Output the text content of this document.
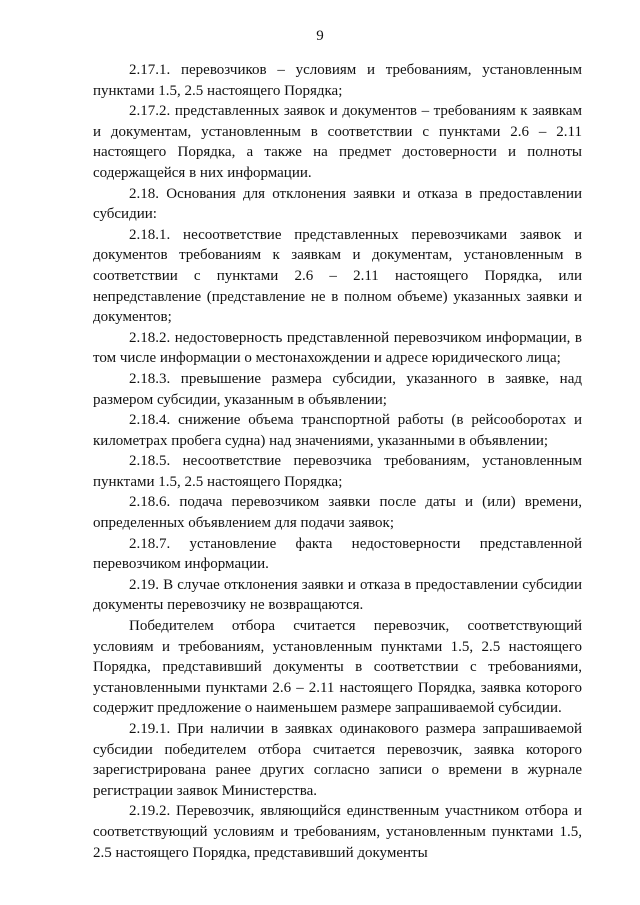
9

2.17.1. перевозчиков – условиям и требованиям, установленным пунктами 1.5, 2.5 настоящего Порядка;

2.17.2. представленных заявок и документов – требованиям к заявкам и документам, установленным в соответствии с пунктами 2.6 – 2.11 настоящего Порядка, а также на предмет достоверности и полноты содержащейся в них информации.

2.18. Основания для отклонения заявки и отказа в предоставлении субсидии:

2.18.1. несоответствие представленных перевозчиками заявок и документов требованиям к заявкам и документам, установленным в соответствии с пунктами 2.6 – 2.11 настоящего Порядка, или непредставление (представление не в полном объеме) указанных заявки и документов;

2.18.2. недостоверность представленной перевозчиком информации, в том числе информации о местонахождении и адресе юридического лица;

2.18.3. превышение размера субсидии, указанного в заявке, над размером субсидии, указанным в объявлении;

2.18.4. снижение объема транспортной работы (в рейсооборотах и километрах пробега судна) над значениями, указанными в объявлении;

2.18.5. несоответствие перевозчика требованиям, установленным пунктами 1.5, 2.5 настоящего Порядка;

2.18.6. подача перевозчиком заявки после даты и (или) времени, определенных объявлением для подачи заявок;

2.18.7. установление факта недостоверности представленной перевозчиком информации.

2.19. В случае отклонения заявки и отказа в предоставлении субсидии документы перевозчику не возвращаются.

Победителем отбора считается перевозчик, соответствующий условиям и требованиям, установленным пунктами 1.5, 2.5 настоящего Порядка, представивший документы в соответствии с требованиями, установленными пунктами 2.6 – 2.11 настоящего Порядка, заявка которого содержит предложение о наименьшем размере запрашиваемой субсидии.

2.19.1. При наличии в заявках одинакового размера запрашиваемой субсидии победителем отбора считается перевозчик, заявка которого зарегистрирована ранее других согласно записи о времени в журнале регистрации заявок Министерства.

2.19.2. Перевозчик, являющийся единственным участником отбора и соответствующий условиям и требованиям, установленным пунктами 1.5, 2.5 настоящего Порядка, представивший документы
